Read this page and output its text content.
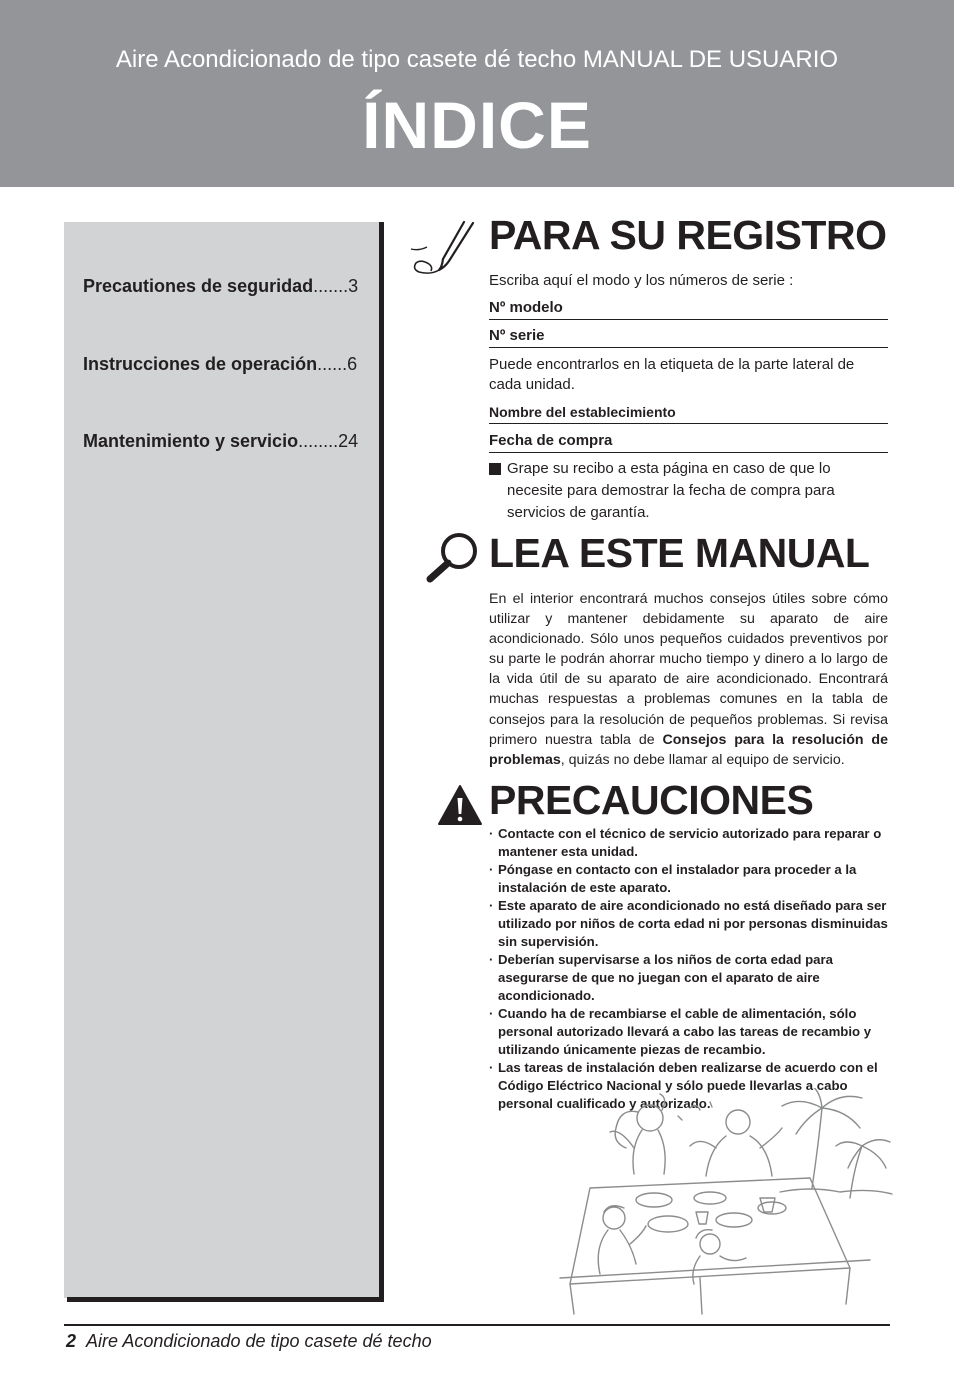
Aire Acondicionado de tipo casete dé techo MANUAL DE USUARIO
ÍNDICE
Precautiones de seguridad.......3
Instrucciones de operación......6
Mantenimiento y servicio........24
PARA SU REGISTRO
Escriba aquí el modo y los números de serie :
Nº modelo
Nº serie
Puede encontrarlos en la etiqueta de la parte lateral de cada unidad.
Nombre del establecimiento
Fecha de compra
Grape su recibo a esta página en caso de que lo necesite para demostrar la fecha de compra para servicios de garantía.
LEA ESTE MANUAL
En el interior encontrará muchos consejos útiles sobre cómo utilizar y mantener debidamente su aparato de aire acondicionado. Sólo unos pequeños cuidados preventivos por su parte le podrán ahorrar mucho tiempo y dinero a lo largo de la vida útil de su aparato de aire acondicionado. Encontrará muchas respuestas a problemas comunes en la tabla de consejos para la resolución de pequeños problemas. Si revisa primero nuestra tabla de Consejos para la resolución de problemas, quizás no debe llamar al equipo de servicio.
PRECAUCIONES
· Contacte con el técnico de servicio autorizado para reparar o mantener esta unidad.
· Póngase en contacto con el instalador para proceder a la instalación de este aparato.
· Este aparato de aire acondicionado no está diseñado para ser utilizado por niños de corta edad ni por personas disminuidas sin supervisión.
· Deberían supervisarse a los niños de corta edad para asegurarse de que no juegan con el aparato de aire acondicionado.
· Cuando ha de recambiarse el cable de alimentación, sólo personal autorizado llevará a cabo las tareas de recambio y utilizando únicamente piezas de recambio.
· Las tareas de instalación deben realizarse de acuerdo con el Código Eléctrico Nacional y sólo puede llevarlas a cabo personal cualificado y autorizado.
2 Aire Acondicionado de tipo casete dé techo
